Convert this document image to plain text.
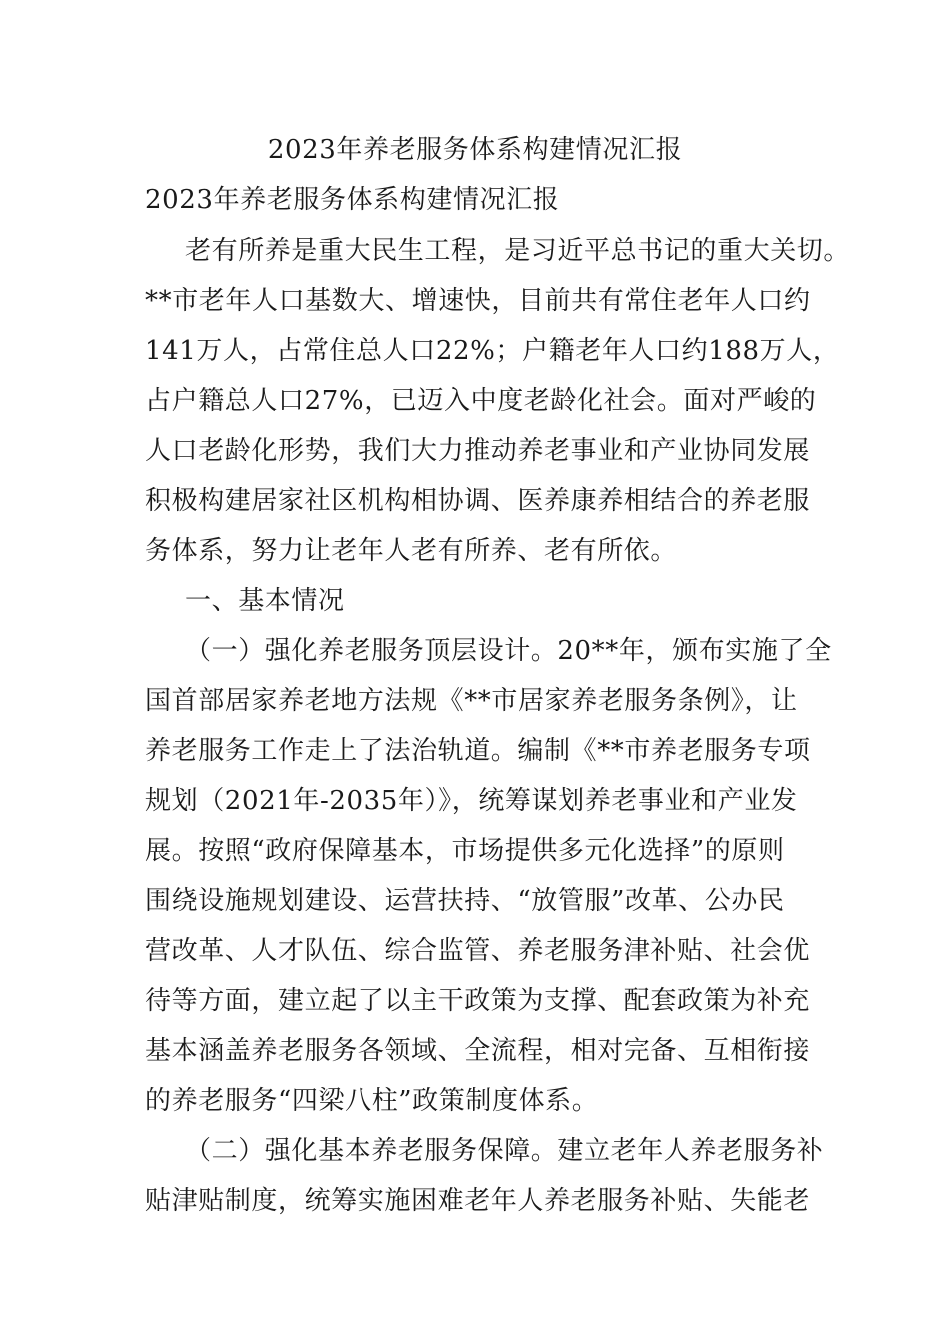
2023年养老服务体系构建情况汇报
2023年养老服务体系构建情况汇报
老有所养是重大民生工程，是习近平总书记的重大关切。
**市老年人口基数大、增速快，目前共有常住老年人口约
141万人，占常住总人口22%；户籍老年人口约188万人，
占户籍总人口27%，已迈入中度老龄化社会。面对严峻的
人口老龄化形势，我们大力推动养老事业和产业协同发展
积极构建居家社区机构相协调、医养康养相结合的养老服
务体系，努力让老年人老有所养、老有所依。
一、基本情况
（一）强化养老服务顶层设计。20**年，颁布实施了全
国首部居家养老地方法规《**市居家养老服务条例》，让
养老服务工作走上了法治轨道。编制《**市养老服务专项
规划（2021年-2035年）》，统筹谋划养老事业和产业发
展。按照“政府保障基本，市场提供多元化选择”的原则
围绕设施规划建设、运营扶持、“放管服”改革、公办民
营改革、人才队伍、综合监管、养老服务津补贴、社会优
待等方面，建立起了以主干政策为支撑、配套政策为补充
基本涵盖养老服务各领域、全流程，相对完备、互相衔接
的养老服务“四梁八柱”政策制度体系。
（二）强化基本养老服务保障。建立老年人养老服务补
贴津贴制度，统筹实施困难老年人养老服务补贴、失能老
